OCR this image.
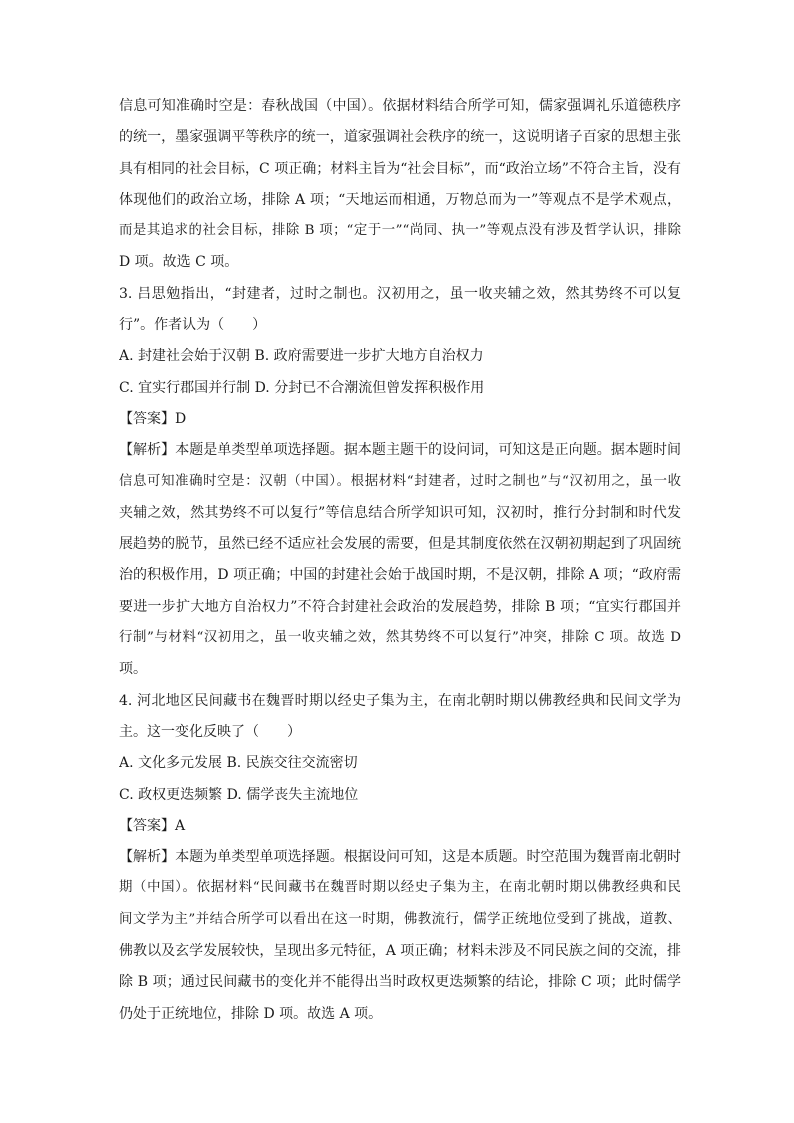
信息可知准确时空是：春秋战国（中国）。依据材料结合所学可知，儒家强调礼乐道德秩序
的统一，墨家强调平等秩序的统一，道家强调社会秩序的统一，这说明诸子百家的思想主张
具有相同的社会目标，C 项正确；材料主旨为“社会目标”，而“政治立场”不符合主旨，没有
体现他们的政治立场，排除 A 项；“天地运而相通，万物总而为一”等观点不是学术观点，
而是其追求的社会目标，排除 B 项；“定于一”“尚同、执一”等观点没有涉及哲学认识，排除
D 项。故选 C 项。
3. 吕思勉指出，“封建者，过时之制也。汉初用之，虽一收夹辅之效，然其势终不可以复
行”。作者认为（　　）
A. 封建社会始于汉朝 B. 政府需要进一步扩大地方自治权力
C. 宜实行郡国并行制 D. 分封已不合潮流但曾发挥积极作用
【答案】D
【解析】本题是单类型单项选择题。据本题主题干的设问词，可知这是正向题。据本题时间
信息可知准确时空是：汉朝（中国）。根据材料“封建者，过时之制也”与“汉初用之，虽一收
夹辅之效，然其势终不可以复行”等信息结合所学知识可知，汉初时，推行分封制和时代发
展趋势的脱节，虽然已经不适应社会发展的需要，但是其制度依然在汉朝初期起到了巩固统
治的积极作用，D 项正确；中国的封建社会始于战国时期，不是汉朝，排除 A 项；“政府需
要进一步扩大地方自治权力”不符合封建社会政治的发展趋势，排除 B 项；“宜实行郡国并
行制”与材料“汉初用之，虽一收夹辅之效，然其势终不可以复行”冲突，排除 C 项。故选 D
项。
4. 河北地区民间藏书在魏晋时期以经史子集为主，在南北朝时期以佛教经典和民间文学为
主。这一变化反映了（　　）
A. 文化多元发展 B. 民族交往交流密切
C. 政权更迭频繁 D. 儒学丧失主流地位
【答案】A
【解析】本题为单类型单项选择题。根据设问可知，这是本质题。时空范围为魏晋南北朝时
期（中国）。依据材料“民间藏书在魏晋时期以经史子集为主，在南北朝时期以佛教经典和民
间文学为主”并结合所学可以看出在这一时期，佛教流行，儒学正统地位受到了挑战，道教、
佛教以及玄学发展较快，呈现出多元特征，A 项正确；材料未涉及不同民族之间的交流，排
除 B 项；通过民间藏书的变化并不能得出当时政权更迭频繁的结论，排除 C 项；此时儒学
仍处于正统地位，排除 D 项。故选 A 项。
